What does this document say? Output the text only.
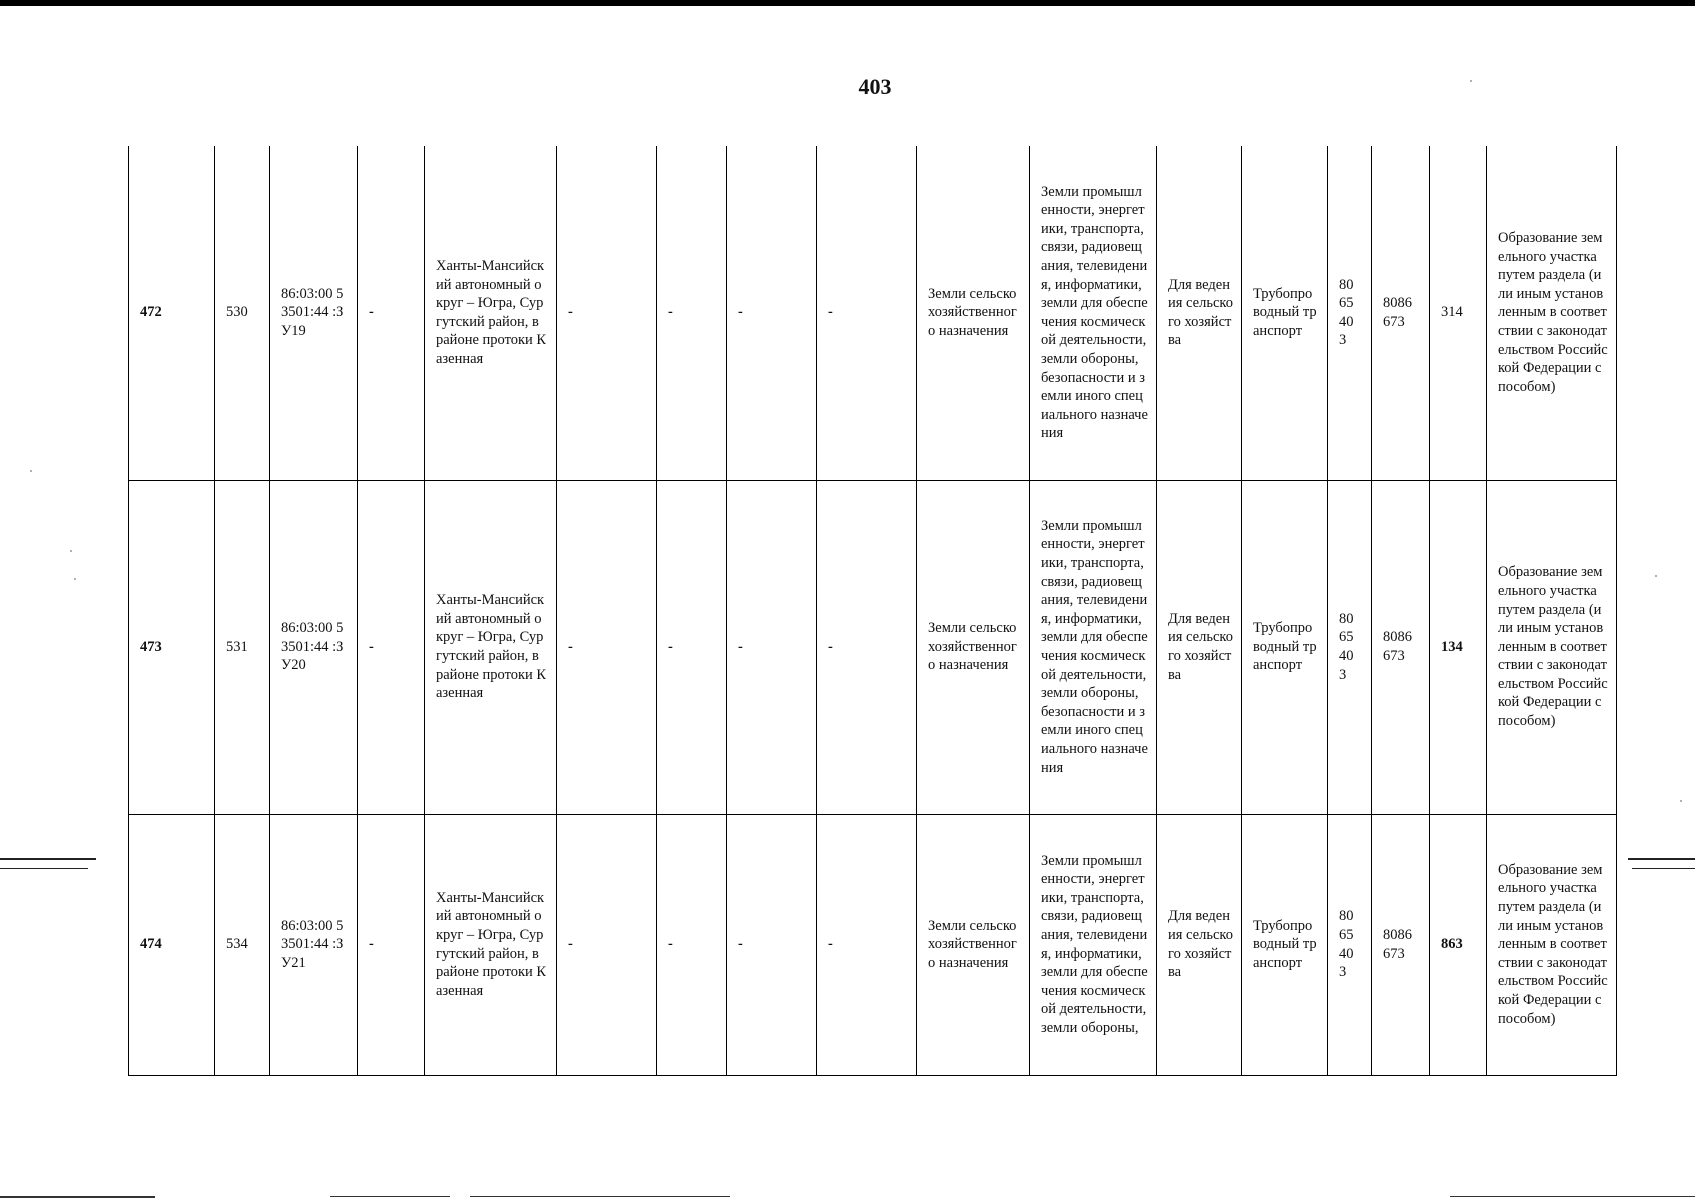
403
472	530	86:03:00 53501:44 :ЗУ19	-	Ханты-Мансийский автономный округ – Югра, Сургутский район, в районе протоки Казенная	-	-	-	-	Земли сельскохозяйственного назначения	Земли промышленности, энергетики, транспорта, связи, радиовещания, телевидения, информатики, земли для обеспечения космической деятельности, земли обороны, безопасности и земли иного специального назначения	Для ведения сельского хозяйства	Трубопроводный транспорт	80 65 40 3	8086 673	314	Образование земельного участка путем раздела (или иным установленным в соответствии с законодательством Российской Федерации способом)
473	531	86:03:00 53501:44 :ЗУ20	-	Ханты-Мансийский автономный округ – Югра, Сургутский район, в районе протоки Казенная	-	-	-	-	Земли сельскохозяйственного назначения	Земли промышленности, энергетики, транспорта, связи, радиовещания, телевидения, информатики, земли для обеспечения космической деятельности, земли обороны, безопасности и земли иного специального назначения	Для ведения сельского хозяйства	Трубопроводный транспорт	80 65 40 3	8086 673	134	Образование земельного участка путем раздела (или иным установленным в соответствии с законодательством Российской Федерации способом)
474	534	86:03:00 53501:44 :ЗУ21	-	Ханты-Мансийский автономный округ – Югра, Сургутский район, в районе протоки Казенная	-	-	-	-	Земли сельскохозяйственного назначения	Земли промышленности, энергетики, транспорта, связи, радиовещания, телевидения, информатики, земли для обеспечения космической деятельности, земли обороны,	Для ведения сельского хозяйства	Трубопроводный транспорт	80 65 40 3	8086 673	863	Образование земельного участка путем раздела (или иным установленным в соответствии с законодательством Российской Федерации способом)
